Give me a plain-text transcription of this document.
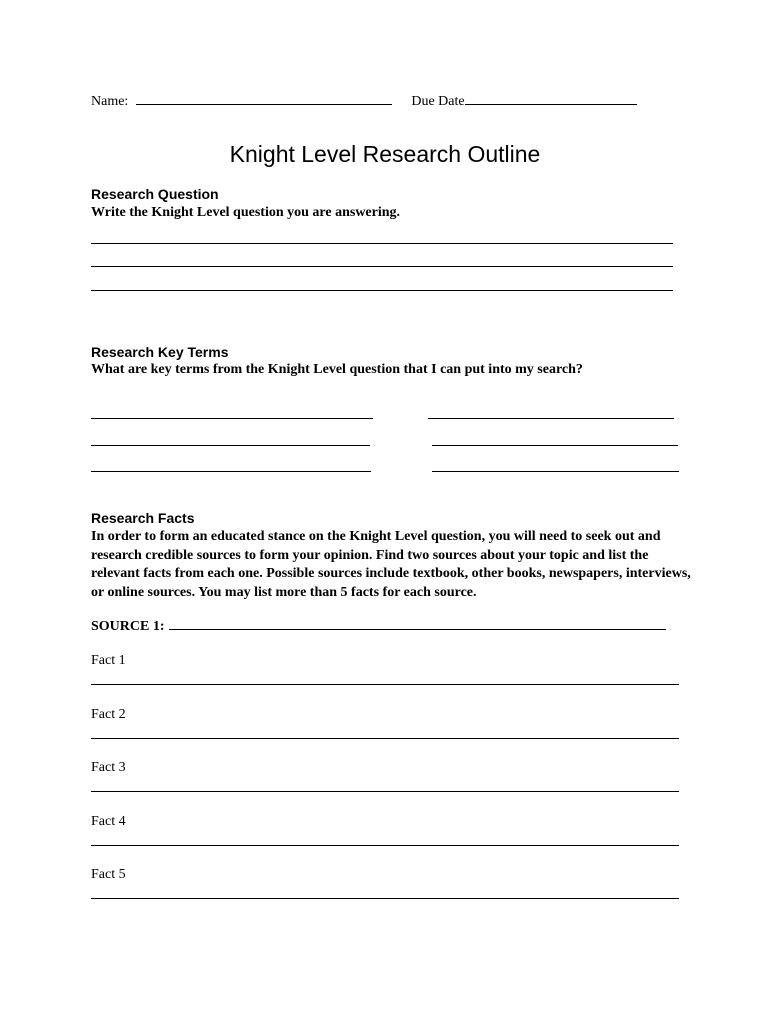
Name:	Due Date
Knight Level Research Outline
Research Question
Write the Knight Level question you are answering.
Research Key Terms
What are key terms from the Knight Level question that I can put into my search?
Research Facts
In order to form an educated stance on the Knight Level question, you will need to seek out and research credible sources to form your opinion. Find two sources about your topic and list the relevant facts from each one. Possible sources include textbook, other books, newspapers, interviews, or online sources. You may list more than 5 facts for each source.
SOURCE 1:
Fact 1
Fact 2
Fact 3
Fact 4
Fact 5
